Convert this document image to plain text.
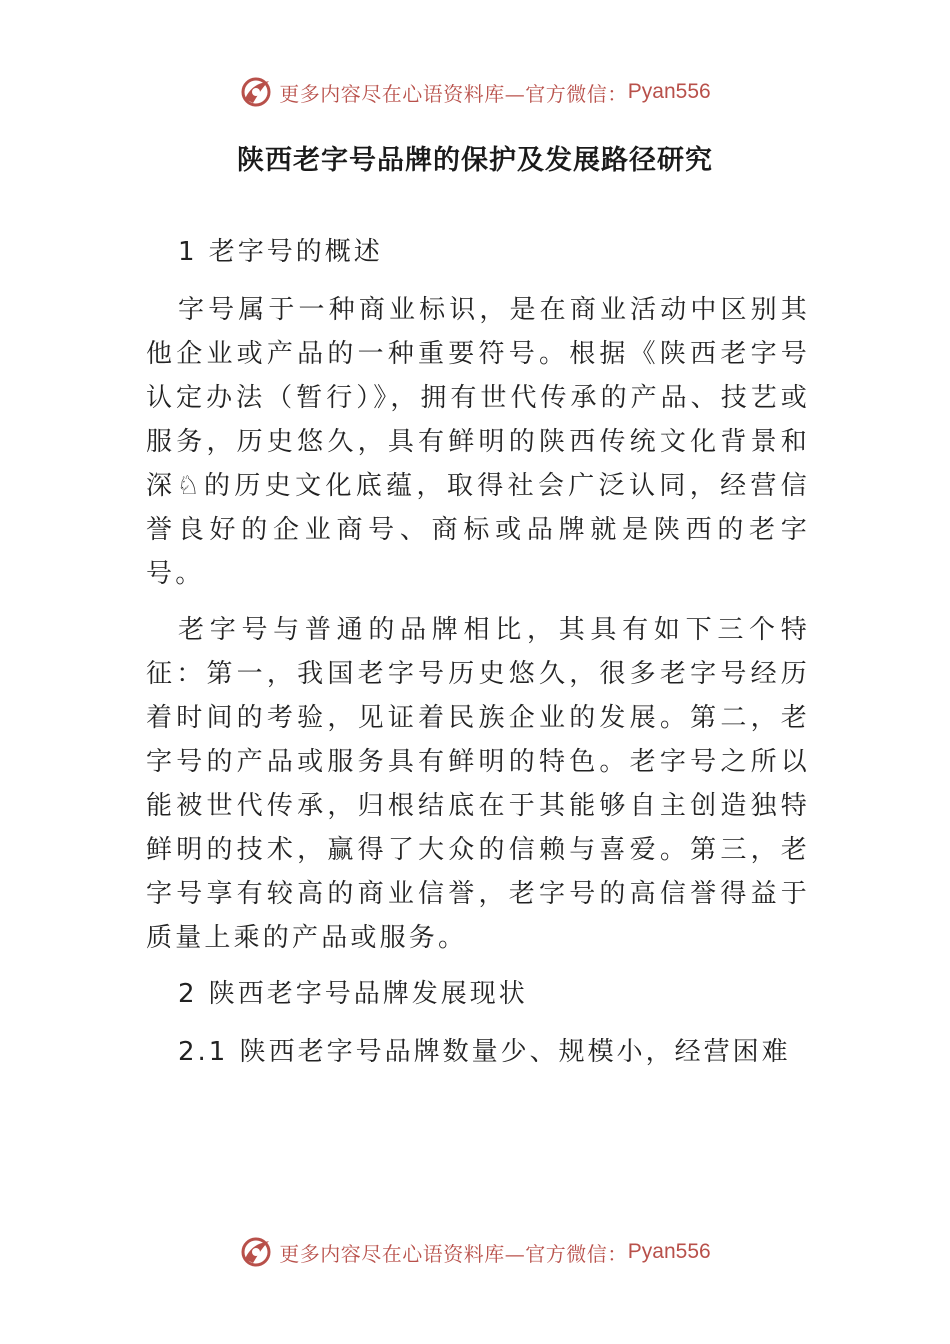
更多内容尽在心语资料库—官方微信： Pyan556
陕西老字号品牌的保护及发展路径研究

1 老字号的概述

字号属于一种商业标识，是在商业活动中区别其他企业或产品的一种重要符号。根据《陕西老字号认定办法（暂行）》，拥有世代传承的产品、技艺或服务，历史悠久，具有鲜明的陕西传统文化背景和深♘的历史文化底蕴，取得社会广泛认同，经营信誉良好的企业商号、商标或品牌就是陕西的老字号。

老字号与普通的品牌相比，其具有如下三个特征：第一，我国老字号历史悠久，很多老字号经历着时间的考验，见证着民族企业的发展。第二，老字号的产品或服务具有鲜明的特色。老字号之所以能被世代传承，归根结底在于其能够自主创造独特鲜明的技术，赢得了大众的信赖与喜爱。第三，老字号享有较高的商业信誉，老字号的高信誉得益于质量上乘的产品或服务。

2 陕西老字号品牌发展现状

2.1 陕西老字号品牌数量少、规模小，经营困难

更多内容尽在心语资料库—官方微信： Pyan556
